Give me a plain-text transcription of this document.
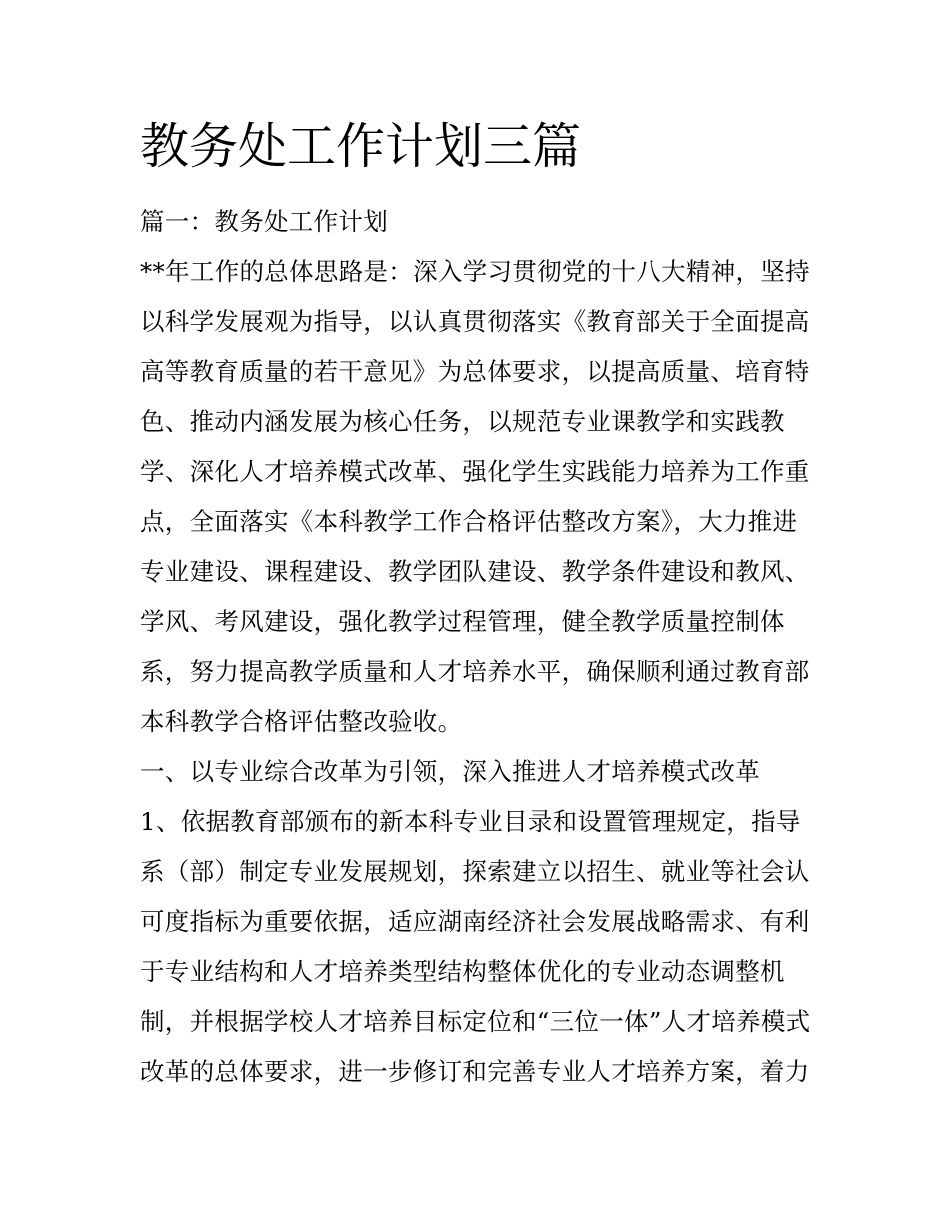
教务处工作计划三篇
篇一：教务处工作计划
**年工作的总体思路是：深入学习贯彻党的十八大精神，坚持
以科学发展观为指导，以认真贯彻落实《教育部关于全面提高
高等教育质量的若干意见》为总体要求，以提高质量、培育特
色、推动内涵发展为核心任务，以规范专业课教学和实践教
学、深化人才培养模式改革、强化学生实践能力培养为工作重
点，全面落实《本科教学工作合格评估整改方案》，大力推进
专业建设、课程建设、教学团队建设、教学条件建设和教风、
学风、考风建设，强化教学过程管理，健全教学质量控制体
系，努力提高教学质量和人才培养水平，确保顺利通过教育部
本科教学合格评估整改验收。
一、以专业综合改革为引领，深入推进人才培养模式改革
1、依据教育部颁布的新本科专业目录和设置管理规定，指导
系（部）制定专业发展规划，探索建立以招生、就业等社会认
可度指标为重要依据，适应湖南经济社会发展战略需求、有利
于专业结构和人才培养类型结构整体优化的专业动态调整机
制，并根据学校人才培养目标定位和“三位一体”人才培养模式
改革的总体要求，进一步修订和完善专业人才培养方案，着力
